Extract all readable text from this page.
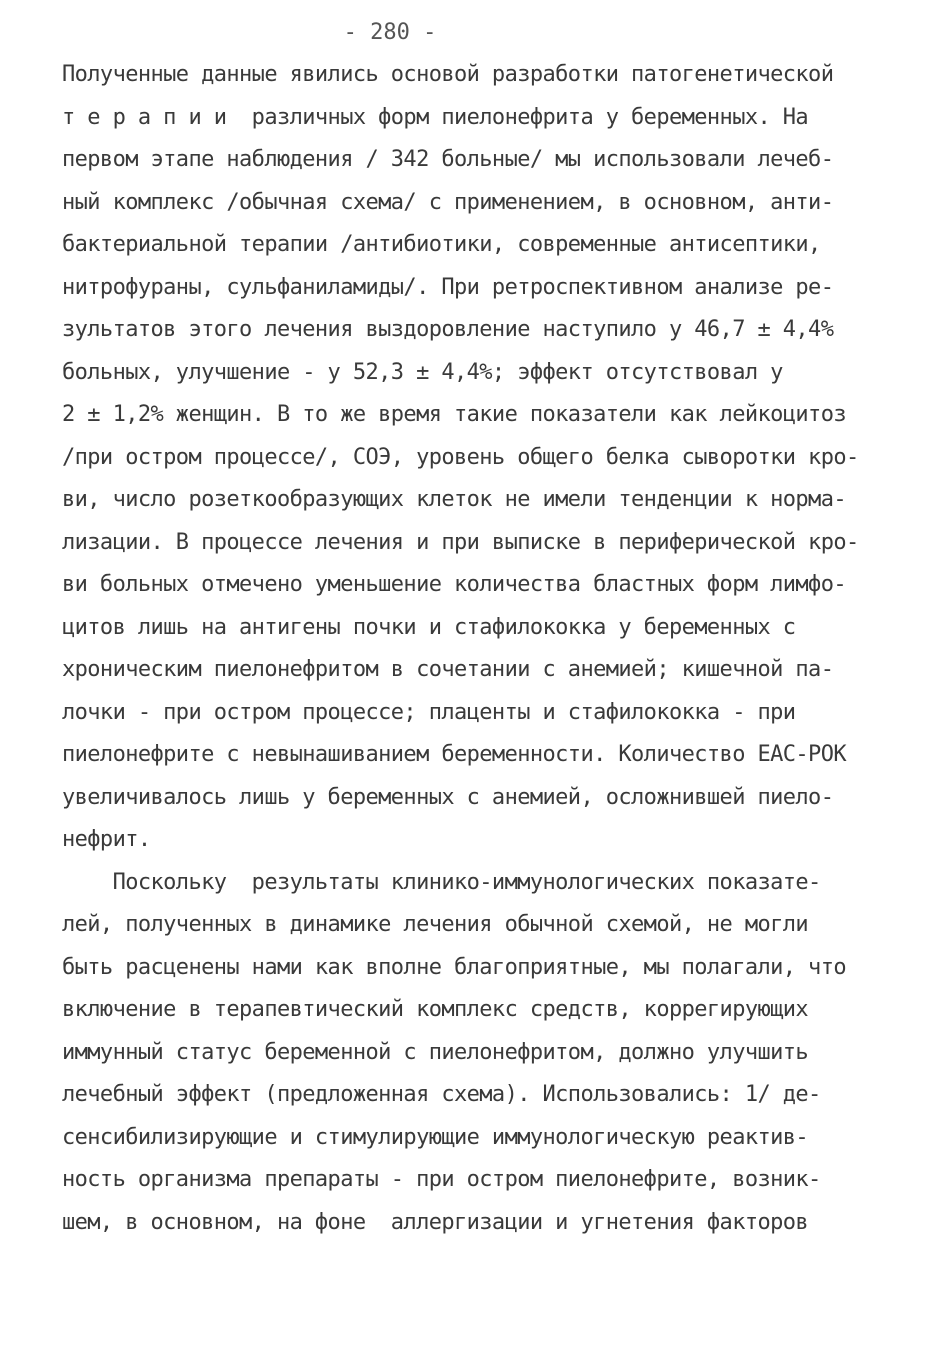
- 280 -
Полученные данные явились основой разработки патогенетической
т е р а п и и  различных форм пиелонефрита у беременных. На
первом этапе наблюдения / 342 больные/ мы использовали лечеб-
ный комплекс /обычная схема/ с применением, в основном, анти-
бактериальной терапии /антибиотики, современные антисептики,
нитрофураны, сульфаниламиды/. При ретроспективном анализе ре-
зультатов этого лечения выздоровление наступило у 46,7 ± 4,4%
больных, улучшение - у 52,3 ± 4,4%; эффект отсутствовал у
2 ± 1,2% женщин. В то же время такие показатели как лейкоцитоз
/при остром процессе/, СОЭ, уровень общего белка сыворотки кро-
ви, число розеткообразующих клеток не имели тенденции к норма-
лизации. В процессе лечения и при выписке в периферической кро-
ви больных отмечено уменьшение количества бластных форм лимфо-
цитов лишь на антигены почки и стафилококка у беременных с
хроническим пиелонефритом в сочетании с анемией; кишечной па-
лочки - при остром процессе; плаценты и стафилококка - при
пиелонефрите с невынашиванием беременности. Количество ЕАС-РОК
увеличивалось лишь у беременных с анемией, осложнившей пиело-
нефрит.
Поскольку  результаты клинико-иммунологических показате-
лей, полученных в динамике лечения обычной схемой, не могли
быть расценены нами как вполне благоприятные, мы полагали, что
включение в терапевтический комплекс средств, коррегирующих
иммунный статус беременной с пиелонефритом, должно улучшить
лечебный эффект (предложенная схема). Использовались: 1/ де-
сенсибилизирующие и стимулирующие иммунологическую реактив-
ность организма препараты - при остром пиелонефрите, возник-
шем, в основном, на фоне  аллергизации и угнетения факторов
